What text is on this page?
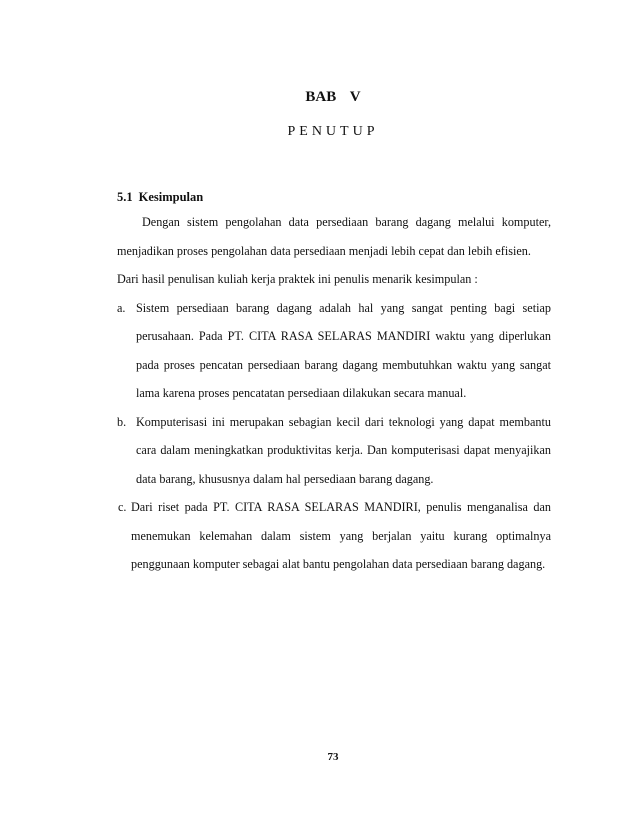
BAB V
PENUTUP
5.1 Kesimpulan

Dengan sistem pengolahan data persediaan barang dagang melalui komputer, menjadikan proses pengolahan data persediaan menjadi lebih cepat dan lebih efisien.

Dari hasil penulisan kuliah kerja praktek ini penulis menarik kesimpulan :

a. Sistem persediaan barang dagang adalah hal yang sangat penting bagi setiap perusahaan. Pada PT. CITA RASA SELARAS MANDIRI waktu yang diperlukan pada proses pencatan persediaan barang dagang membutuhkan waktu yang sangat lama karena proses pencatatan persediaan dilakukan secara manual.
b. Komputerisasi ini merupakan sebagian kecil dari teknologi yang dapat membantu cara dalam meningkatkan produktivitas kerja. Dan komputerisasi dapat menyajikan data barang, khususnya dalam hal persediaan barang dagang.
c. Dari riset pada PT. CITA RASA SELARAS MANDIRI, penulis menganalisa dan menemukan kelemahan dalam sistem yang berjalan yaitu kurang optimalnya penggunaan komputer sebagai alat bantu pengolahan data persediaan barang dagang.
73
